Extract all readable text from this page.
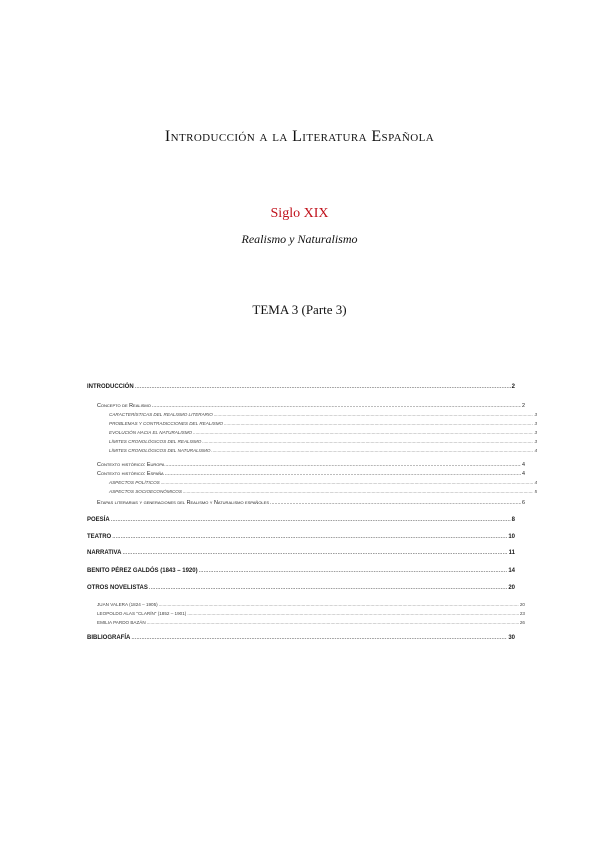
Introducción a la Literatura Española
Siglo XIX
Realismo y Naturalismo
TEMA 3 (Parte 3)
INTRODUCCIÓN .....	2
Concepto de Realismo .....	2
CARACTERÍSTICAS DEL REALISMO LITERARIO .....	3
PROBLEMAS Y CONTRADICCIONES DEL REALISMO .....	3
EVOLUCIÓN HACIA EL NATURALISMO .....	3
LÍMITES CRONOLÓGICOS DEL REALISMO .....	3
LÍMITES CRONOLÓGICOS DEL NATURALISMO .....	4
Contexto histórico: Europa .....	4
Contexto histórico: España .....	4
ASPECTOS POLÍTICOS .....	4
ASPECTOS SOCIOECONÓMICOS .....	5
Etapas literarias y generaciones del Realismo y Naturalismo españoles .....	6
POESÍA .....	8
TEATRO .....	10
NARRATIVA .....	11
BENITO PÉREZ GALDÓS (1843 – 1920) .....	14
OTROS NOVELISTAS .....	20
JUAN VALERA (1824 – 1905) .....	20
LEOPOLDO ALAS "CLARÍN" (1852 – 1901) .....	23
EMILIA PARDO BAZÁN .....	26
BIBLIOGRAFÍA .....	30
